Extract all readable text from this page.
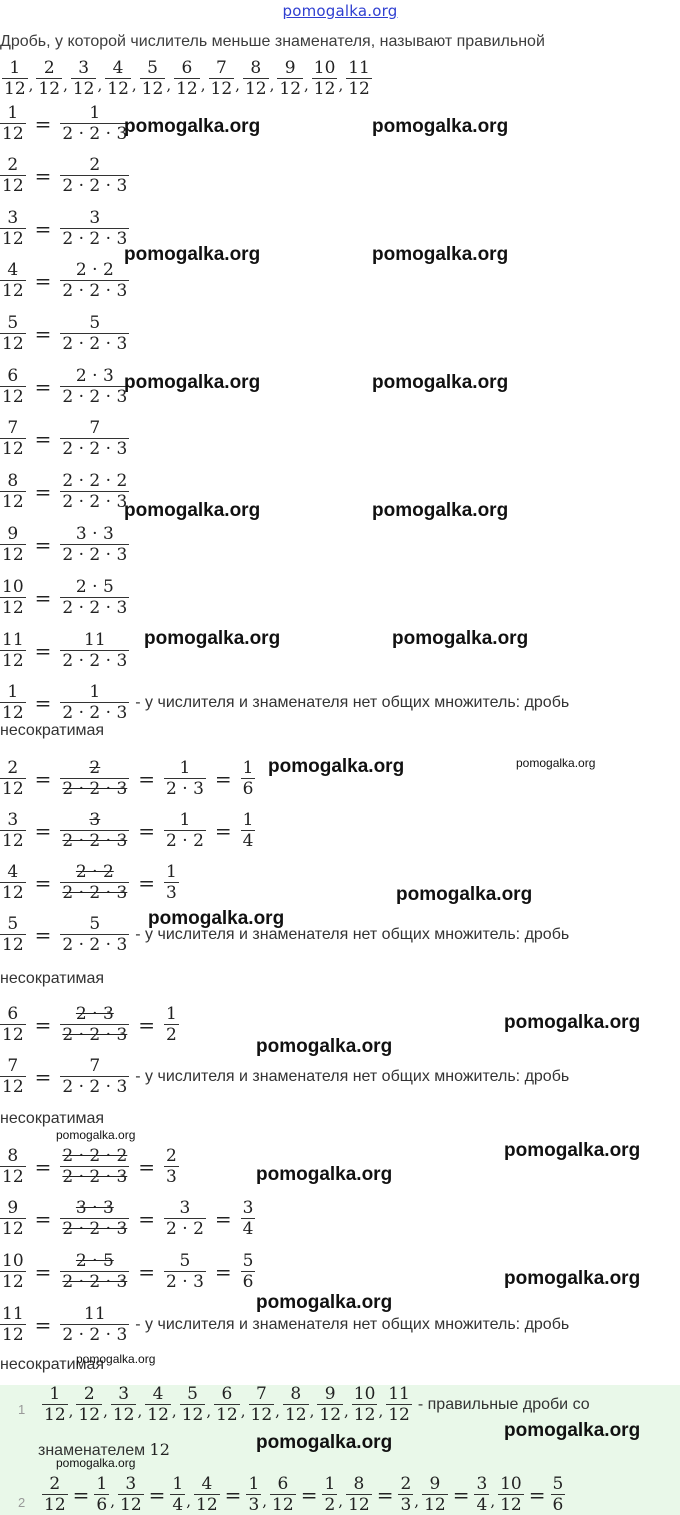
pomogalka.org
Дробь, у которой числитель меньше знаменателя, называют правильной
$\frac{1}{12}$ , $\frac{2}{12}$ , $\frac{3}{12}$ , $\frac{4}{12}$ , $\frac{5}{12}$ , $\frac{6}{12}$ , $\frac{7}{12}$ , $\frac{8}{12}$ , $\frac{9}{12}$ , $\frac{10}{12}$ , $\frac{11}{12}$
$\frac{1}{12} = \frac{1}{2 \cdot 2 \cdot 3}$
$\frac{2}{12} = \frac{2}{2 \cdot 2 \cdot 3}$
$\frac{3}{12} = \frac{3}{2 \cdot 2 \cdot 3}$
$\frac{4}{12} = \frac{2 \cdot 2}{2 \cdot 2 \cdot 3}$
$\frac{5}{12} = \frac{5}{2 \cdot 2 \cdot 3}$
$\frac{6}{12} = \frac{2 \cdot 3}{2 \cdot 2 \cdot 3}$
$\frac{7}{12} = \frac{7}{2 \cdot 2 \cdot 3}$
$\frac{8}{12} = \frac{2 \cdot 2 \cdot 2}{2 \cdot 2 \cdot 3}$
$\frac{9}{12} = \frac{3 \cdot 3}{2 \cdot 2 \cdot 3}$
$\frac{10}{12} = \frac{2 \cdot 5}{2 \cdot 2 \cdot 3}$
$\frac{11}{12} = \frac{11}{2 \cdot 2 \cdot 3}$
$\frac{1}{12} = \frac{1}{2 \cdot 2 \cdot 3} - у$ числителя и знаменателя нет общих множитель: дробь
несократимая
$\frac{2}{12} = \frac{2}{2 \cdot 2 \cdot 3} = \frac{1}{2 \cdot 3} = \frac{1}{6}$
$\frac{3}{12} = \frac{3}{2 \cdot 2 \cdot 3} = \frac{1}{2 \cdot 2} = \frac{1}{4}$
$\frac{4}{12} = \frac{2 \cdot 2}{2 \cdot 2 \cdot 3} = \frac{1}{3}$
$\frac{5}{12} = \frac{5}{2 \cdot 2 \cdot 3} - у$ числителя и знаменателя нет общих множитель: дробь
несократимая
$\frac{6}{12} = \frac{2 \cdot 3}{2 \cdot 2 \cdot 3} = \frac{1}{2}$
$\frac{7}{12} = \frac{7}{2 \cdot 2 \cdot 3} - у$ числителя и знаменателя нет общих множитель: дробь
несократимая
$\frac{8}{12} = \frac{2 \cdot 2 \cdot 2}{2 \cdot 2 \cdot 3} = \frac{2}{3}$
$\frac{9}{12} = \frac{3 \cdot 3}{2 \cdot 2 \cdot 3} = \frac{3}{2 \cdot 2} = \frac{3}{4}$
$\frac{10}{12} = \frac{2 \cdot 5}{2 \cdot 2 \cdot 3} = \frac{5}{2 \cdot 3} = \frac{5}{6}$
$\frac{11}{12} = \frac{11}{2 \cdot 2 \cdot 3} - у$ числителя и знаменателя нет общих множитель: дробь
несократимая
1
2
$\frac{1}{12}$ , $\frac{2}{12}$ , $\frac{3}{12}$ , $\frac{4}{12}$ , $\frac{5}{12}$ , $\frac{6}{12}$ , $\frac{7}{12}$ , $\frac{8}{12}$ , $\frac{9}{12}$ , $\frac{10}{12}$ , $\frac{11}{12}$ - правильные дроби со
знаменателем 12
$\frac{2}{12} = \frac{1}{6}$ , $\frac{3}{12} = \frac{1}{4}$ , $\frac{4}{12} = \frac{1}{3}$ , $\frac{6}{12} = \frac{1}{2}$ , $\frac{8}{12} = \frac{2}{3}$ , $\frac{9}{12} = \frac{3}{4}$ , $\frac{10}{12} = \frac{5}{6}$
pomogalka.org	pomogalka.org
pomogalka.org	pomogalka.org
pomogalka.org	pomogalka.org
pomogalka.org	pomogalka.org
pomogalka.org	pomogalka.org
pomogalka.org	pomogalka.org
pomogalka.org
pomogalka.org
pomogalka.org
pomogalka.org
pomogalka.org
pomogalka.org
pomogalka.org
pomogalka.org
pomogalka.org
pomogalka.org
pomogalka.org
pomogalka.org
pomogalka.org
